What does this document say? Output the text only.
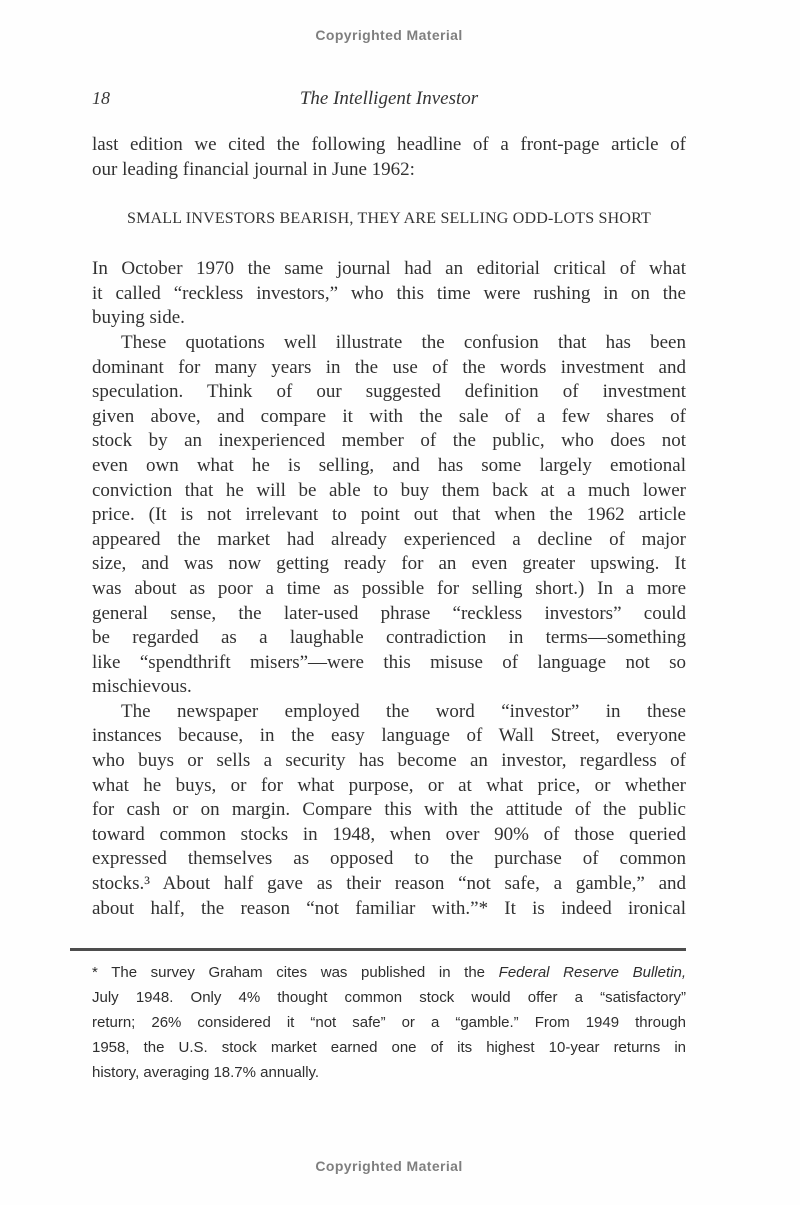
Copyrighted Material
18	The Intelligent Investor
last edition we cited the following headline of a front-page article of
our leading financial journal in June 1962:
SMALL INVESTORS BEARISH, THEY ARE SELLING ODD-LOTS SHORT
In October 1970 the same journal had an editorial critical of what
it called “reckless investors,” who this time were rushing in on the
buying side.
These quotations well illustrate the confusion that has been
dominant for many years in the use of the words investment and
speculation. Think of our suggested definition of investment
given above, and compare it with the sale of a few shares of
stock by an inexperienced member of the public, who does not
even own what he is selling, and has some largely emotional
conviction that he will be able to buy them back at a much lower
price. (It is not irrelevant to point out that when the 1962 article
appeared the market had already experienced a decline of major
size, and was now getting ready for an even greater upswing. It
was about as poor a time as possible for selling short.) In a more
general sense, the later-used phrase “reckless investors” could
be regarded as a laughable contradiction in terms—something
like “spendthrift misers”—were this misuse of language not so
mischievous.
The newspaper employed the word “investor” in these
instances because, in the easy language of Wall Street, everyone
who buys or sells a security has become an investor, regardless of
what he buys, or for what purpose, or at what price, or whether
for cash or on margin. Compare this with the attitude of the public
toward common stocks in 1948, when over 90% of those queried
expressed themselves as opposed to the purchase of common
stocks.³ About half gave as their reason “not safe, a gamble,” and
about half, the reason “not familiar with.”* It is indeed ironical
* The survey Graham cites was published in the Federal Reserve Bulletin,
July 1948. Only 4% thought common stock would offer a “satisfactory”
return; 26% considered it “not safe” or a “gamble.” From 1949 through
1958, the U.S. stock market earned one of its highest 10-year returns in
history, averaging 18.7% annually.
Copyrighted Material
